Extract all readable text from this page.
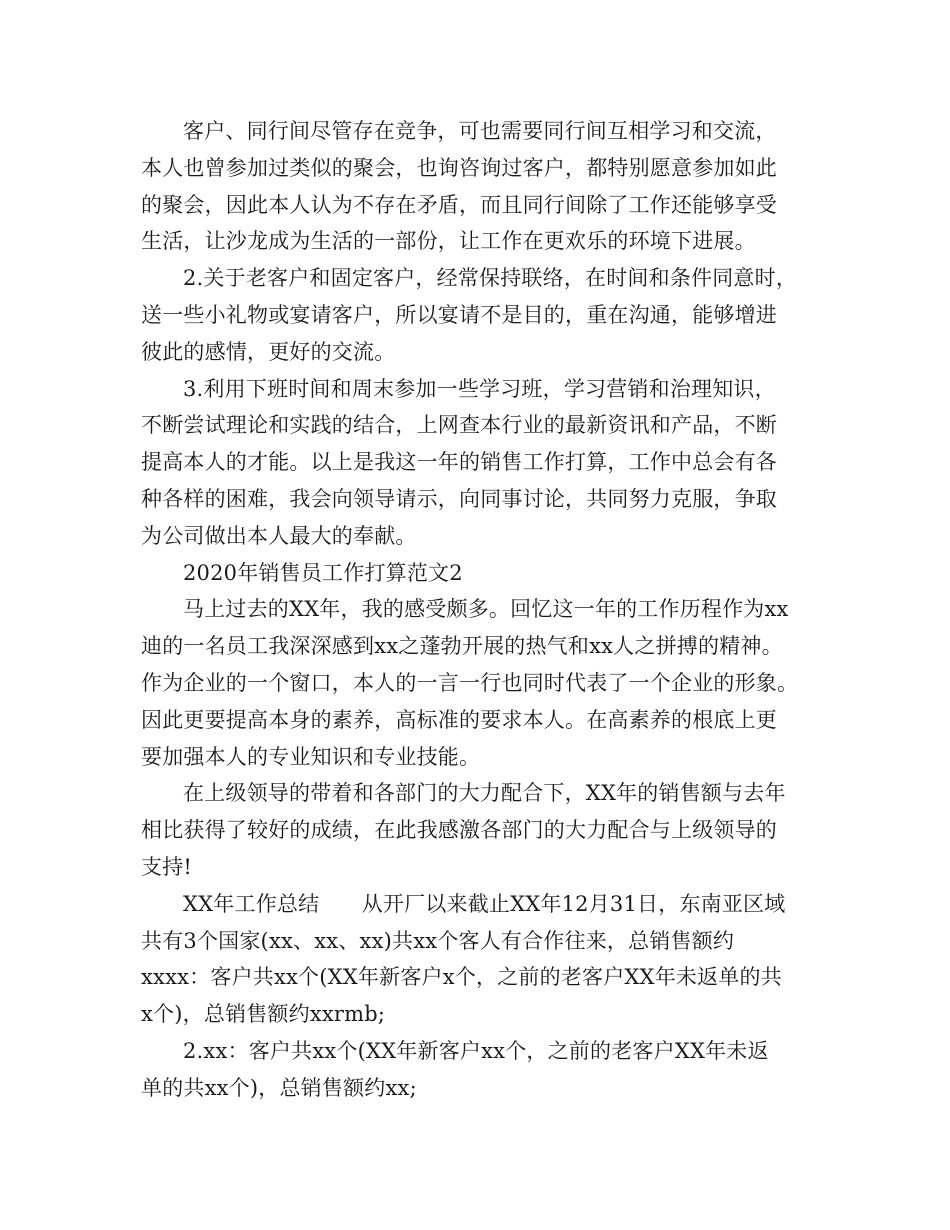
客户、同行间尽管存在竞争，可也需要同行间互相学习和交流，
本人也曾参加过类似的聚会，也询咨询过客户，都特别愿意参加如此
的聚会，因此本人认为不存在矛盾，而且同行间除了工作还能够享受
生活，让沙龙成为生活的一部份，让工作在更欢乐的环境下进展。
2.关于老客户和固定客户，经常保持联络，在时间和条件同意时，
送一些小礼物或宴请客户，所以宴请不是目的，重在沟通，能够增进
彼此的感情，更好的交流。
3.利用下班时间和周末参加一些学习班，学习营销和治理知识，
不断尝试理论和实践的结合，上网查本行业的最新资讯和产品，不断
提高本人的才能。以上是我这一年的销售工作打算，工作中总会有各
种各样的困难，我会向领导请示，向同事讨论，共同努力克服，争取
为公司做出本人最大的奉献。
2020年销售员工作打算范文2
马上过去的XX年，我的感受颇多。回忆这一年的工作历程作为xx
迪的一名员工我深深感到xx之蓬勃开展的热气和xx人之拼搏的精神。
作为企业的一个窗口，本人的一言一行也同时代表了一个企业的形象。
因此更要提高本身的素养，高标准的要求本人。在高素养的根底上更
要加强本人的专业知识和专业技能。
在上级领导的带着和各部门的大力配合下，XX年的销售额与去年
相比获得了较好的成绩，在此我感激各部门的大力配合与上级领导的
支持!
XX年工作总结　　从开厂以来截止XX年12月31日，东南亚区域
共有3个国家(xx、xx、xx)共xx个客人有合作往来，总销售额约
xxxx：客户共xx个(XX年新客户x个，之前的老客户XX年未返单的共
x个)，总销售额约xxrmb;
2.xx：客户共xx个(XX年新客户xx个，之前的老客户XX年未返
单的共xx个)，总销售额约xx;
